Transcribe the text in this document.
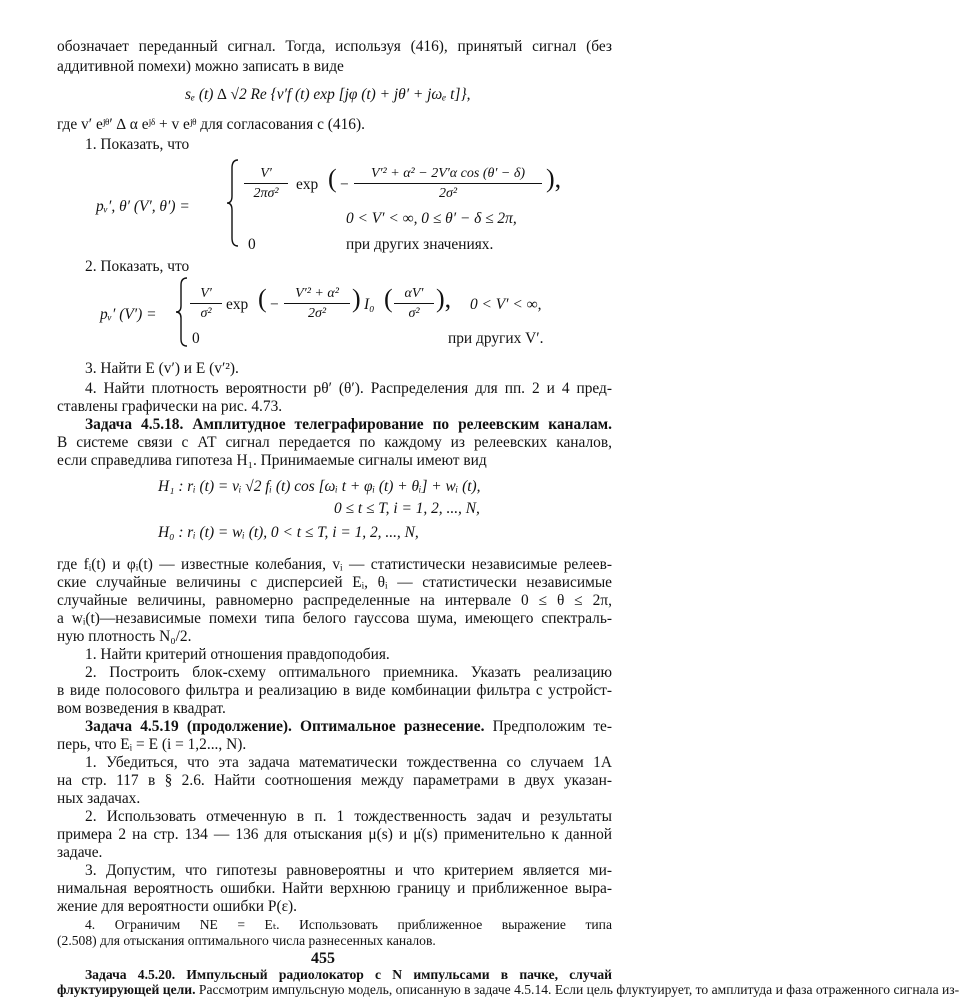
обозначает переданный сигнал. Тогда, используя (416), принятый сигнал (без
аддитивной помехи) можно записать в виде
sₑ (t) ∆ √2 Re {v′f (t) exp [jφ (t) + jθ′ + jωₑ t]},
где v′ eʲᶿ′ ∆ α eʲᵟ + v eʲᶿ для согласования с (416).
1. Показать, что
pᵥ′, θ′ (V′, θ′) =
V′
2πσ²
exp ( −
V′² + α² − 2V′α cos (θ′ − δ)
2σ²
),
0 < V′ < ∞, 0 ≤ θ′ − δ ≤ 2π,
0	при других значениях.
2. Показать, что
pᵥ′ (V′) =
V′
σ²
exp ( −
V′² + α²
2σ²
) I₀ ( αV′
σ²
), 0 < V′ < ∞,
0	при других V′.
3. Найти E (v′) и E (v′²).
4. Найти плотность вероятности pθ′ (θ′). Распределения для пп. 2 и 4 пред-
ставлены графически на рис. 4.73.
Задача 4.5.18. Амплитудное телеграфирование по релеевским каналам.
В системе связи с АТ сигнал передается по каждому из релеевских каналов,
если справедлива гипотеза H₁. Принимаемые сигналы имеют вид
H₁ : rᵢ (t) = vᵢ √2 fᵢ (t) cos [ωᵢ t + φᵢ (t) + θᵢ] + wᵢ (t),
0 ≤ t ≤ T, i = 1, 2, ..., N,
H₀ : rᵢ (t) = wᵢ (t), 0 < t ≤ T, i = 1, 2, ..., N,
где fᵢ(t) и φᵢ(t) — известные колебания, vᵢ — статистически независимые релеев-
ские случайные величины с дисперсией Eᵢ, θᵢ — статистически независимые
случайные величины, равномерно распределенные на интервале 0 ≤ θ ≤ 2π,
а wᵢ(t)—независимые помехи типа белого гауссова шума, имеющего спектраль-
ную плотность N₀/2.
1. Найти критерий отношения правдоподобия.
2. Построить блок-схему оптимального приемника. Указать реализацию
в виде полосового фильтра и реализацию в виде комбинации фильтра с устройст-
вом возведения в квадрат.
Задача 4.5.19 (продолжение). Оптимальное разнесение. Предположим те-
перь, что Eᵢ = E (i = 1,2..., N).
1. Убедиться, что эта задача математически тождественна со случаем 1А
на стр. 117 в § 2.6. Найти соотношения между параметрами в двух указан-
ных задачах.
2. Использовать отмеченную в п. 1 тождественность задач и результаты
примера 2 на стр. 134 — 136 для отыскания μ(s) и μ̇(s) применительно к данной
задаче.
3. Допустим, что гипотезы равновероятны и что критерием является ми-
нимальная вероятность ошибки. Найти верхнюю границу и приближенное выра-
жение для вероятности ошибки P(ε).
455
4. Ограничим NE = Eₜ. Использовать приближенное выражение типа
(2.508) для отыскания оптимального числа разнесенных каналов.
Задача 4.5.20. Импульсный радиолокатор с N импульсами в пачке, случай
флуктуирующей цели. Рассмотрим импульсную модель, описанную в задаче 4.5.14. Если цель флуктуирует, то амплитуда и фаза отраженного сигнала из-
